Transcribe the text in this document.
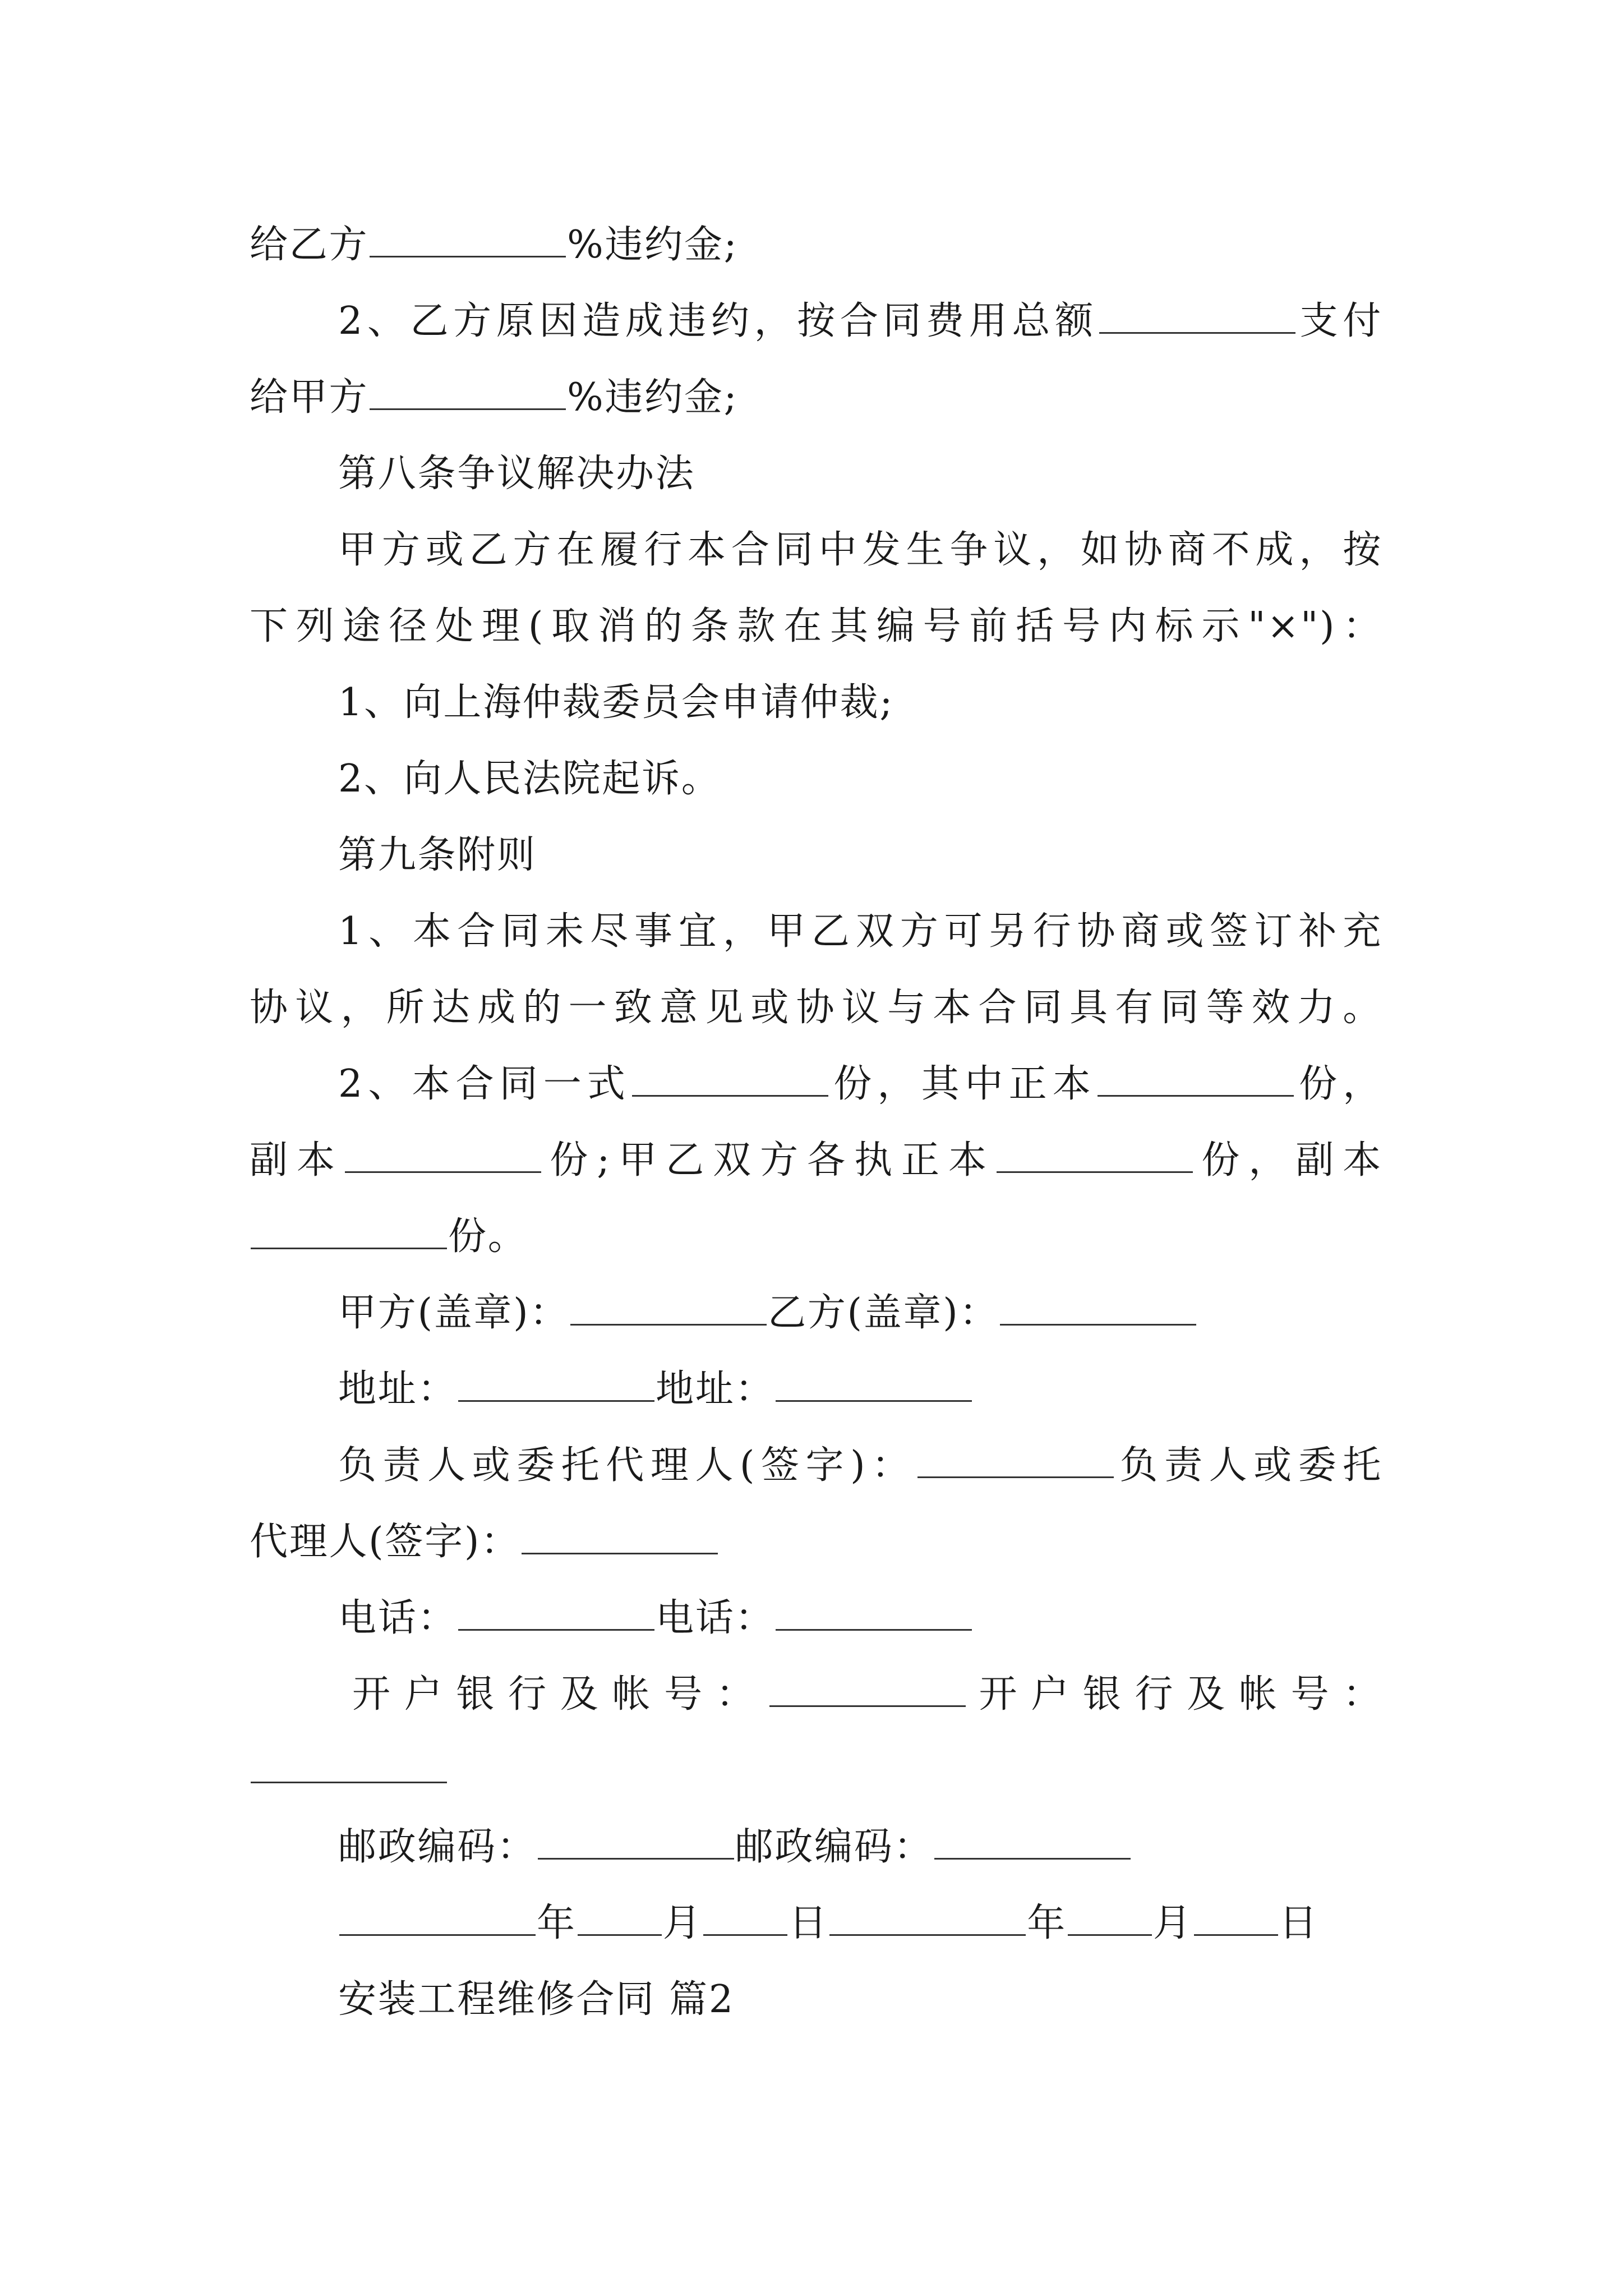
给乙方	%违约金;
2、乙方原因造成违约，按合同费用总额	支付
给甲方	%违约金;
第八条争议解决办法
甲方或乙方在履行本合同中发生争议，如协商不成，按
下列途径处理(取消的条款在其编号前括号内标示"×")：
1、向上海仲裁委员会申请仲裁;
2、向人民法院起诉。
第九条附则
1、本合同未尽事宜，甲乙双方可另行协商或签订补充
协议，所达成的一致意见或协议与本合同具有同等效力。
2、本合同一式	份，其中正本	份，
副本	份;甲乙双方各执正本	份，副本
份。
甲方(盖章)：	乙方(盖章)：
地址：	地址：
负责人或委托代理人(签字)：	负责人或委托
代理人(签字)：
电话：	电话：
开户银行及帐号：	开户银行及帐号：
邮政编码：	邮政编码：
年 月 日	年 月 日
安装工程维修合同 篇2
